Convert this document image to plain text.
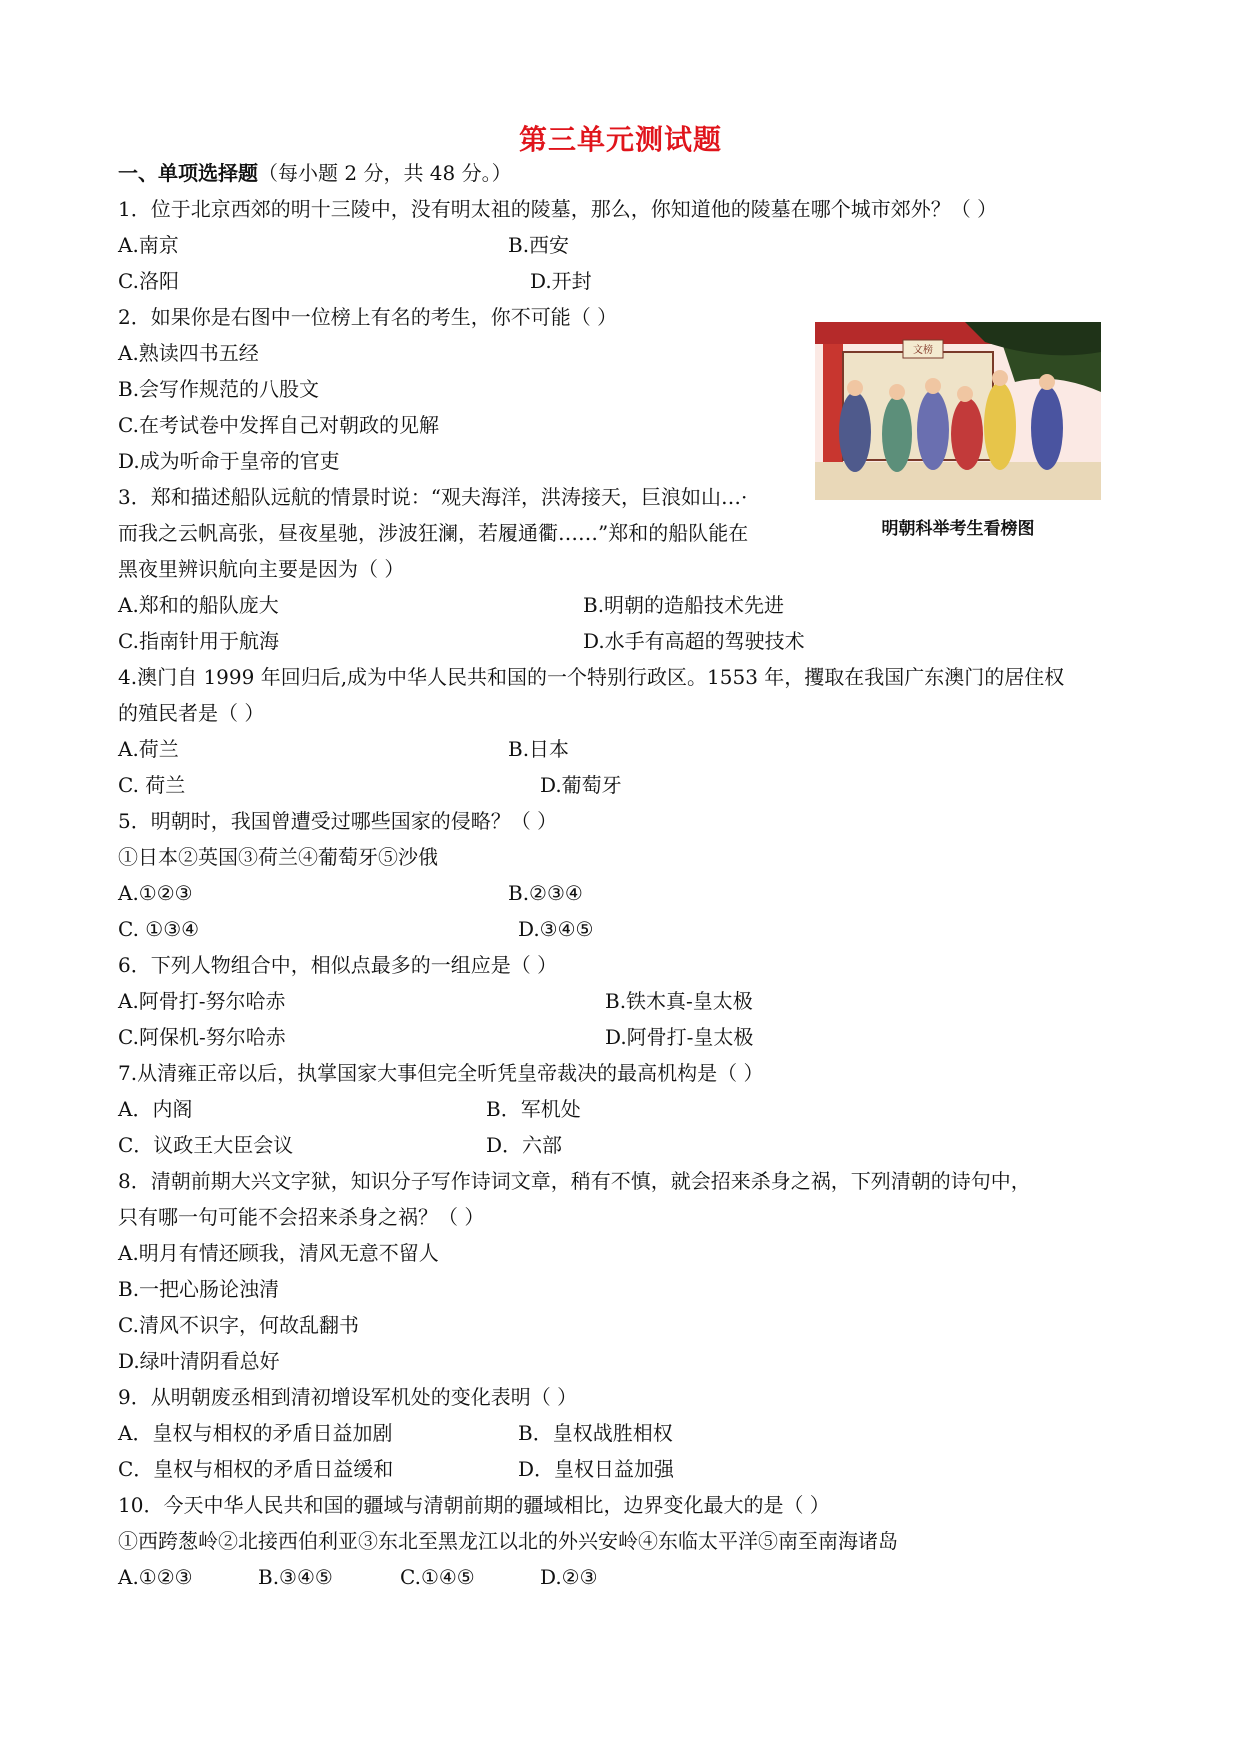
第三单元测试题
一、单项选择题（每小题 2 分，共 48 分。）
1．位于北京西郊的明十三陵中，没有明太祖的陵墓，那么，你知道他的陵墓在哪个城市郊外？（ ）
A.南京	B.西安
C.洛阳	D.开封
2．如果你是右图中一位榜上有名的考生，你不可能（ ）
A.熟读四书五经
B.会写作规范的八股文
C.在考试卷中发挥自己对朝政的见解
D.成为听命于皇帝的官吏
文榜
明朝科举考生看榜图
3．郑和描述船队远航的情景时说：“观夫海洋，洪涛接天，巨浪如山…·
而我之云帆高张，昼夜星驰，涉波狂澜，若履通衢……”郑和的船队能在
黑夜里辨识航向主要是因为（ ）
A.郑和的船队庞大	B.明朝的造船技术先进
C.指南针用于航海	D.水手有高超的驾驶技术
4.澳门自 1999 年回归后,成为中华人民共和国的一个特别行政区。1553 年，攫取在我国广东澳门的居住权
的殖民者是（ ）
A.荷兰	B.日本
C. 荷兰	D.葡萄牙
5．明朝时，我国曾遭受过哪些国家的侵略？（ ）
①日本②英国③荷兰④葡萄牙⑤沙俄
A.①②③	B.②③④
C. ①③④	D.③④⑤
6．下列人物组合中，相似点最多的一组应是（ ）
A.阿骨打-努尔哈赤	B.铁木真-皇太极
C.阿保机-努尔哈赤	D.阿骨打-皇太极
7.从清雍正帝以后，执掌国家大事但完全听凭皇帝裁决的最高机构是（ ）
A．内阁	B．军机处
C．议政王大臣会议	D．六部
8．清朝前期大兴文字狱，知识分子写作诗词文章，稍有不慎，就会招来杀身之祸，下列清朝的诗句中，
只有哪一句可能不会招来杀身之祸？（ ）
A.明月有情还顾我，清风无意不留人
B.一把心肠论浊清
C.清风不识字，何故乱翻书
D.绿叶清阴看总好
9．从明朝废丞相到清初增设军机处的变化表明（ ）
A．皇权与相权的矛盾日益加剧	B．皇权战胜相权
C．皇权与相权的矛盾日益缓和	D．皇权日益加强
10．今天中华人民共和国的疆域与清朝前期的疆域相比，边界变化最大的是（ ）
①西跨葱岭②北接西伯利亚③东北至黑龙江以北的外兴安岭④东临太平洋⑤南至南海诸岛
A.①②③	B.③④⑤	C.①④⑤	D.②③
